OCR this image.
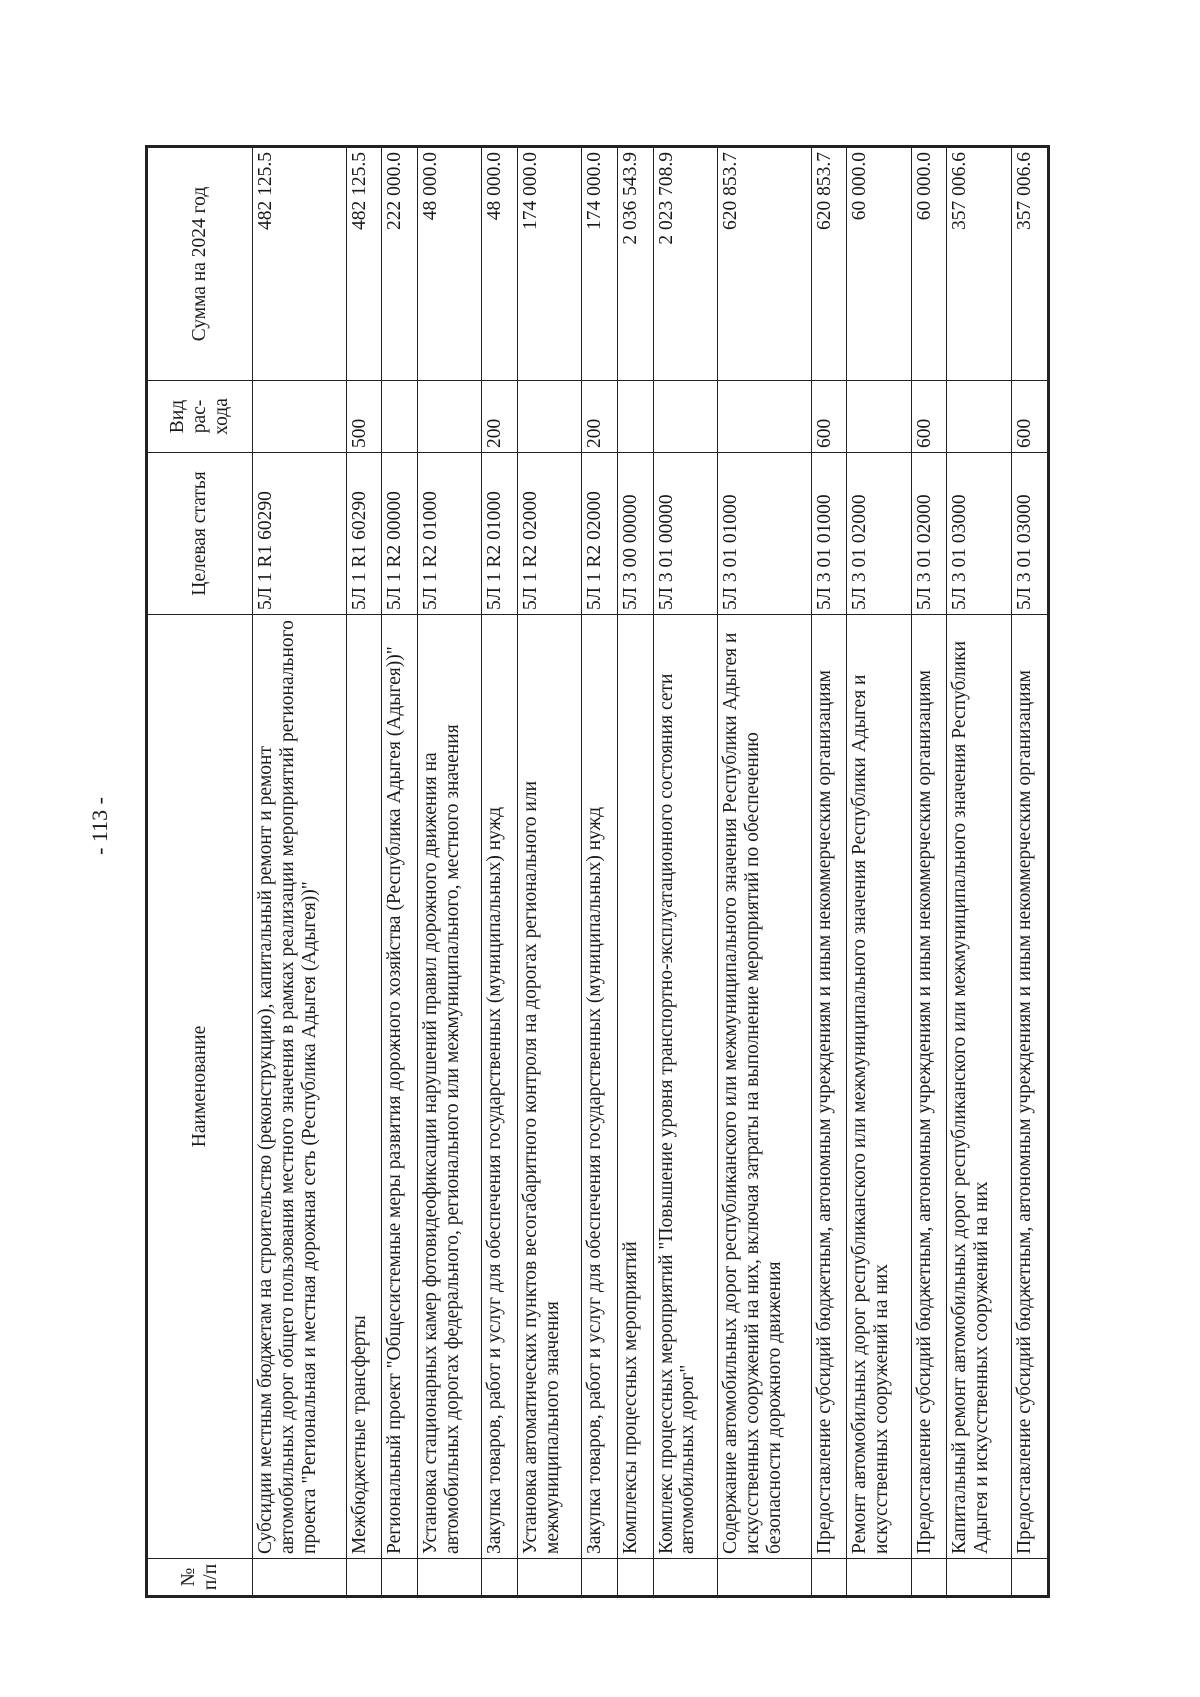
- 113 -
№
п/п	Наименование	Целевая статья	Вид рас-хода	Сумма на 2024 год
	Субсидии местным бюджетам на строительство (реконструкцию), капитальный ремонт и ремонт автомобильных дорог общего пользования местного значения в рамках реализации мероприятий регионального проекта "Региональная и местная дорожная сеть (Республика Адыгея (Адыгея))"	5Л 1 R1 60290		482 125.5
	Межбюджетные трансферты	5Л 1 R1 60290	500	482 125.5
	Региональный проект "Общесистемные меры развития дорожного хозяйства (Республика Адыгея (Адыгея))"	5Л 1 R2 00000		222 000.0
	Установка стационарных камер фотовидеофиксации нарушений правил дорожного движения на автомобильных дорогах федерального, регионального или межмуниципального, местного значения	5Л 1 R2 01000		48 000.0
	Закупка товаров, работ и услуг для обеспечения государственных (муниципальных) нужд	5Л 1 R2 01000	200	48 000.0
	Установка автоматических пунктов весогабаритного контроля на дорогах регионального или межмуниципального значения	5Л 1 R2 02000		174 000.0
	Закупка товаров, работ и услуг для обеспечения государственных (муниципальных) нужд	5Л 1 R2 02000	200	174 000.0
	Комплексы процессных мероприятий	5Л 3 00 00000		2 036 543.9
	Комплекс процессных мероприятий "Повышение уровня транспортно-эксплуатационного состояния сети автомобильных дорог"	5Л 3 01 00000		2 023 708.9
	Содержание автомобильных дорог республиканского или межмуниципального значения Республики Адыгея и искусственных сооружений на них, включая затраты на выполнение мероприятий по обеспечению безопасности дорожного движения	5Л 3 01 01000		620 853.7
	Предоставление субсидий бюджетным, автономным учреждениям и иным некоммерческим организациям	5Л 3 01 01000	600	620 853.7
	Ремонт автомобильных дорог республиканского или межмуниципального значения Республики Адыгея и искусственных сооружений на них	5Л 3 01 02000		60 000.0
	Предоставление субсидий бюджетным, автономным учреждениям и иным некоммерческим организациям	5Л 3 01 02000	600	60 000.0
	Капитальный ремонт автомобильных дорог республиканского или межмуниципального значения Республики Адыгея и искусственных сооружений на них	5Л 3 01 03000		357 006.6
	Предоставление субсидий бюджетным, автономным учреждениям и иным некоммерческим организациям	5Л 3 01 03000	600	357 006.6
